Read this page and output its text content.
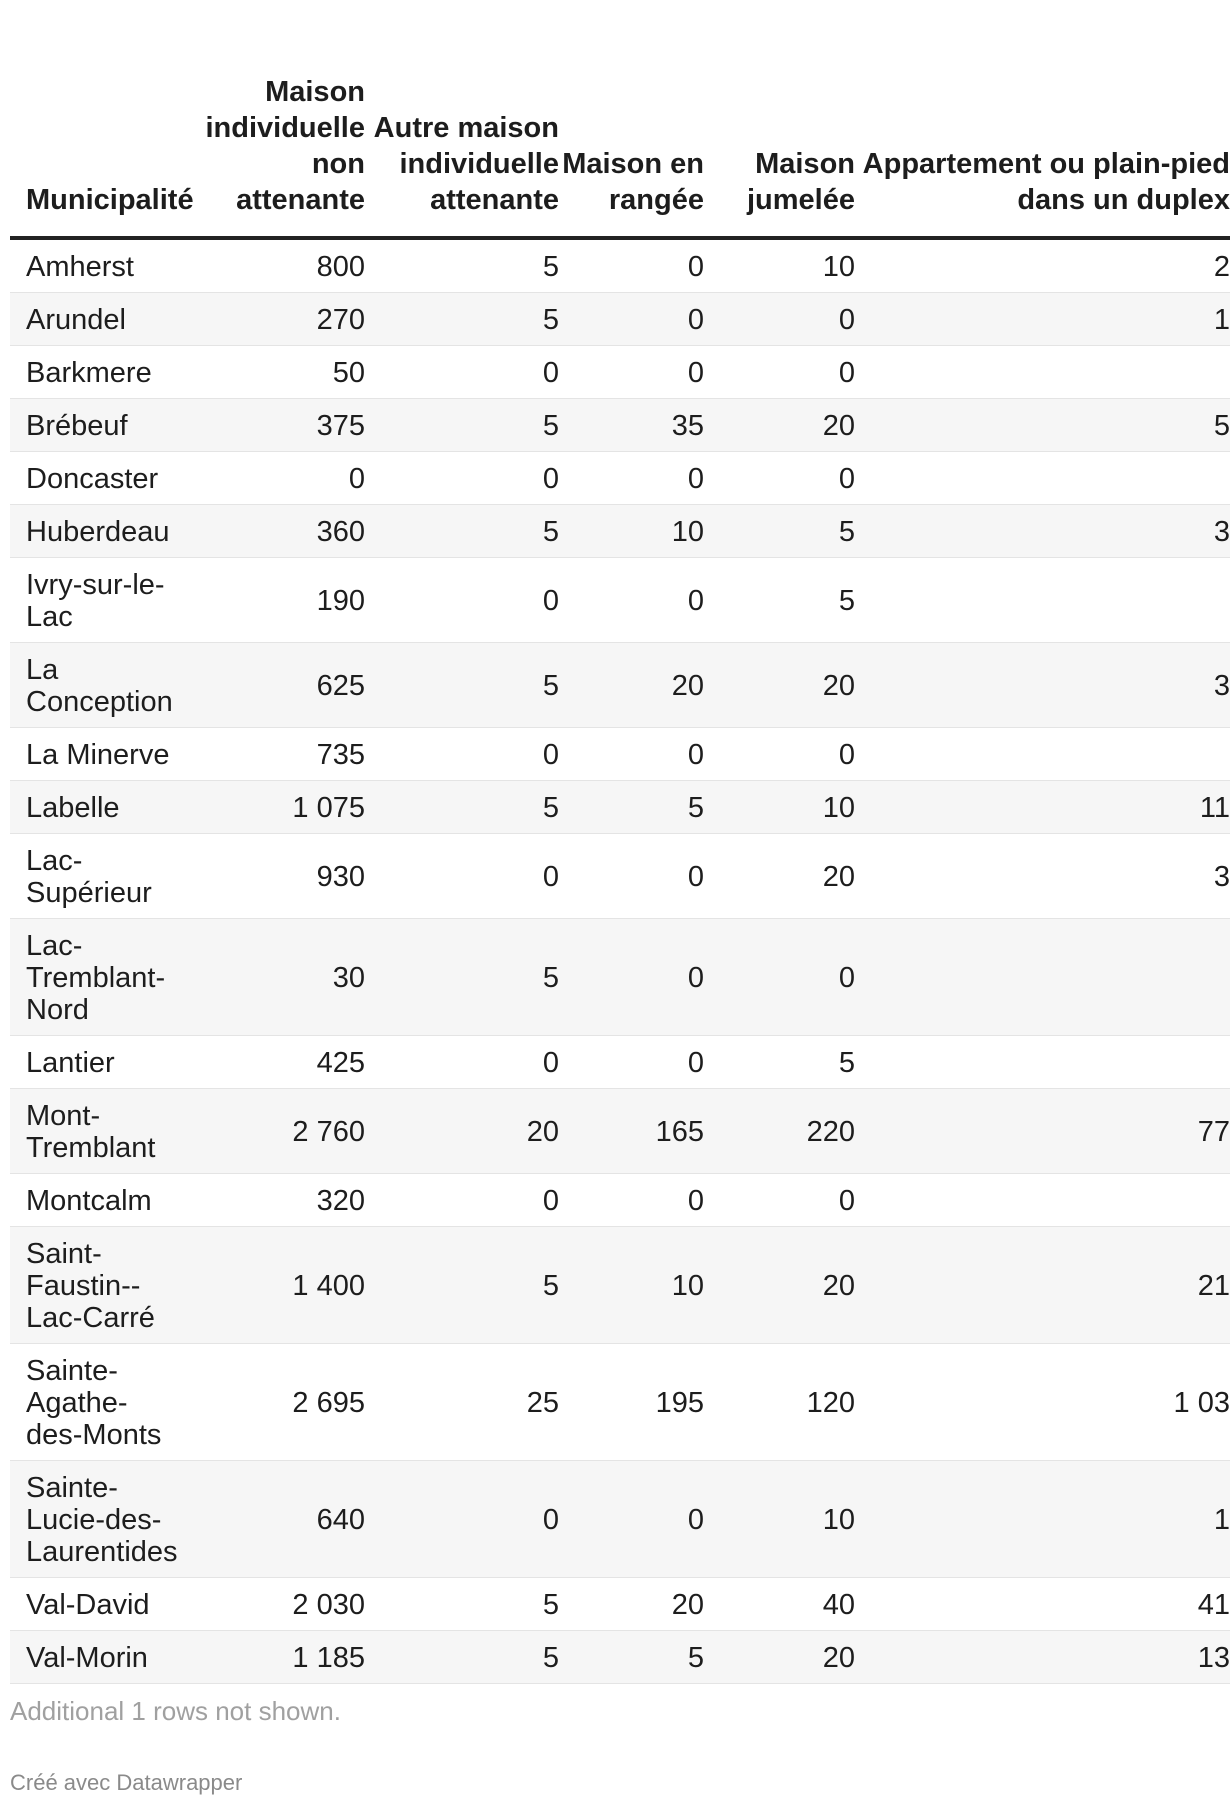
Municipalité	Maison individuelle non attenante	Autre maison individuelle attenante	Maison en rangée	Maison jumelée	Appartement ou plain-pied dans un duplex
Amherst	800	5	0	10	2
Arundel	270	5	0	0	1
Barkmere	50	0	0	0	
Brébeuf	375	5	35	20	5
Doncaster	0	0	0	0	
Huberdeau	360	5	10	5	3
Ivry-sur-le-Lac	190	0	0	5	
La Conception	625	5	20	20	3
La Minerve	735	0	0	0	
Labelle	1 075	5	5	10	11
Lac-Supérieur	930	0	0	20	3
Lac-Tremblant-Nord	30	5	0	0	
Lantier	425	0	0	5	
Mont-Tremblant	2 760	20	165	220	77
Montcalm	320	0	0	0	
Saint-Faustin--Lac-Carré	1 400	5	10	20	21
Sainte-Agathe-des-Monts	2 695	25	195	120	1 03
Sainte-Lucie-des-Laurentides	640	0	0	10	1
Val-David	2 030	5	20	40	41
Val-Morin	1 185	5	5	20	13
Additional 1 rows not shown.
Créé avec Datawrapper
